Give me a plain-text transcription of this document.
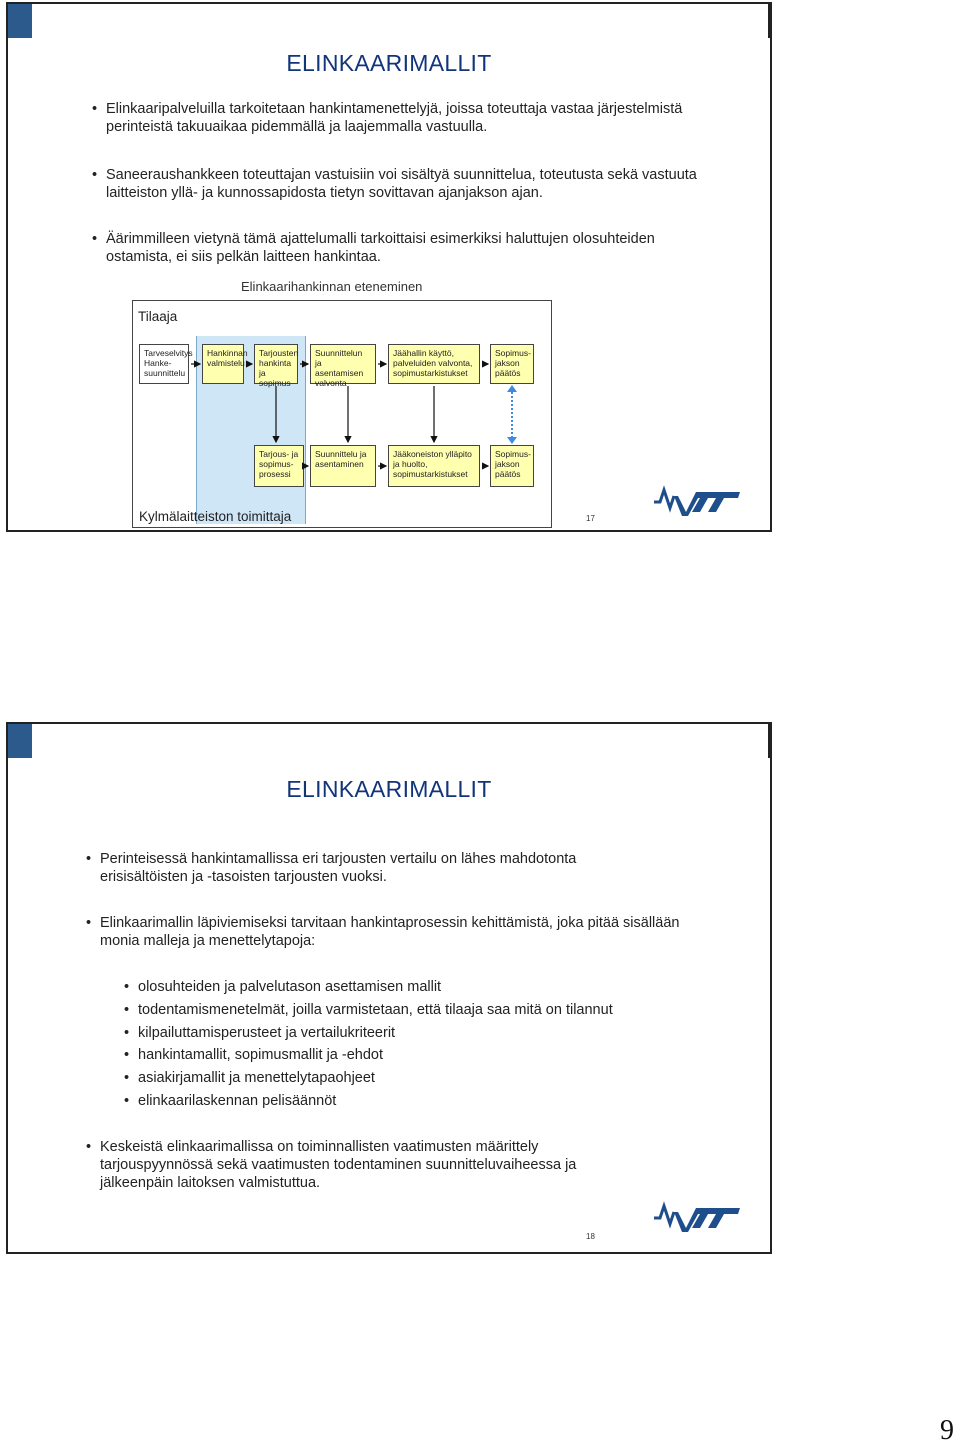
ELINKAARIMALLIT
• Elinkaaripalveluilla tarkoitetaan hankintamenettelyjä, joissa toteuttaja vastaa järjestelmistä perinteistä takuuaikaa pidemmällä ja laajemmalla vastuulla.
• Saneeraushankkeen toteuttajan vastuisiin voi sisältyä suunnittelua, toteutusta sekä vastuuta laitteiston yllä- ja kunnossapidosta tietyn sovittavan ajanjakson ajan.
• Äärimmilleen vietynä tämä ajattelumalli tarkoittaisi esimerkiksi haluttujen olosuhteiden ostamista, ei siis pelkän laitteen hankintaa.
Elinkaarihankinnan eteneminen
Tilaaja
Tarveselvitys Hanke-suunnittelu
Hankinnan valmistelu
Tarjousten hankinta ja sopimus
Suunnittelun ja asentamisen valvonta
Jäähallin käyttö, palveluiden valvonta, sopimustarkistukset
Sopimus-jakson päätös
Tarjous- ja sopimus-prosessi
Suunnittelu ja asentaminen
Jääkoneiston ylläpito ja huolto, sopimustarkistukset
Sopimus-jakson päätös
Kylmälaitteiston toimittaja	17
VTT
ELINKAARIMALLIT
• Perinteisessä hankintamallissa eri tarjousten vertailu on lähes mahdotonta erisisältöisten ja -tasoisten tarjousten vuoksi.
• Elinkaarimallin läpiviemiseksi tarvitaan hankintaprosessin kehittämistä, joka pitää sisällään monia malleja ja menettelytapoja:
• olosuhteiden ja palvelutason asettamisen mallit
• todentamismenetelmät, joilla varmistetaan, että tilaaja saa mitä on tilannut
• kilpailuttamisperusteet ja vertailukriteerit
• hankintamallit, sopimusmallit ja -ehdot
• asiakirjamallit ja menettelytapaohjeet
• elinkaarilaskennan pelisäännöt
• Keskeistä elinkaarimallissa on toiminnallisten vaatimusten määrittely tarjouspyynnössä sekä vaatimusten todentaminen suunnitteluvaiheessa ja jälkeenpäin laitoksen valmistuttua.
18
9
